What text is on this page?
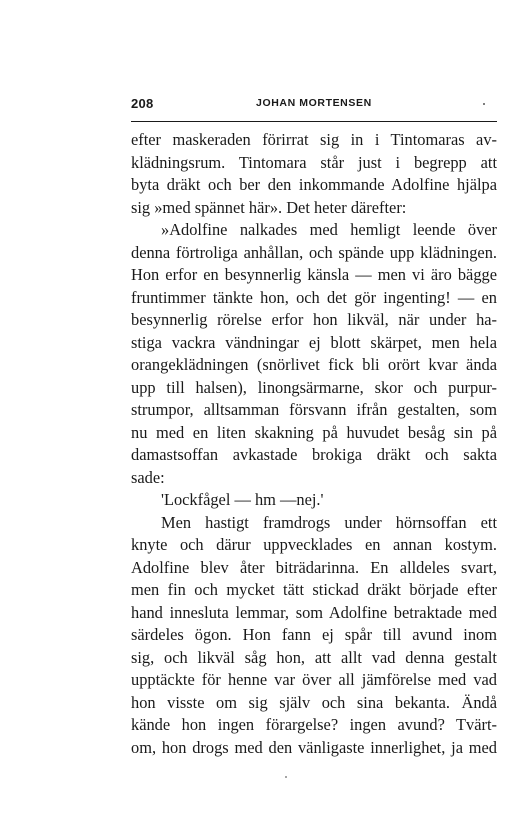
208	JOHAN MORTENSEN
efter maskeraden förirrat sig in i Tintomaras av-
klädningsrum. Tintomara står just i begrepp att
byta dräkt och ber den inkommande Adolfine hjälpa
sig »med spännet här». Det heter därefter:
»Adolfine nalkades med hemligt leende över
denna förtroliga anhållan, och spände upp klädningen.
Hon erfor en besynnerlig känsla — men vi äro bägge
fruntimmer tänkte hon, och det gör ingenting! — en
besynnerlig rörelse erfor hon likväl, när under ha-
stiga vackra vändningar ej blott skärpet, men hela
orangeklädningen (snörlivet fick bli orört kvar ända
upp till halsen), linongsärmarne, skor och purpur-
strumpor, alltsamman försvann ifrån gestalten, som
nu med en liten skakning på huvudet besåg sin på
damastsoffan avkastade brokiga dräkt och sakta
sade:
'Lockfågel — hm —nej.'
Men hastigt framdrogs under hörnsoffan ett
knyte och därur uppvecklades en annan kostym.
Adolfine blev åter biträdarinna. En alldeles svart,
men fin och mycket tätt stickad dräkt började efter
hand innesluta lemmar, som Adolfine betraktade med
särdeles ögon. Hon fann ej spår till avund inom
sig, och likväl såg hon, att allt vad denna gestalt
upptäckte för henne var över all jämförelse med vad
hon visste om sig själv och sina bekanta. Ändå
kände hon ingen förargelse? ingen avund? Tvärt-
om, hon drogs med den vänligaste innerlighet, ja med
